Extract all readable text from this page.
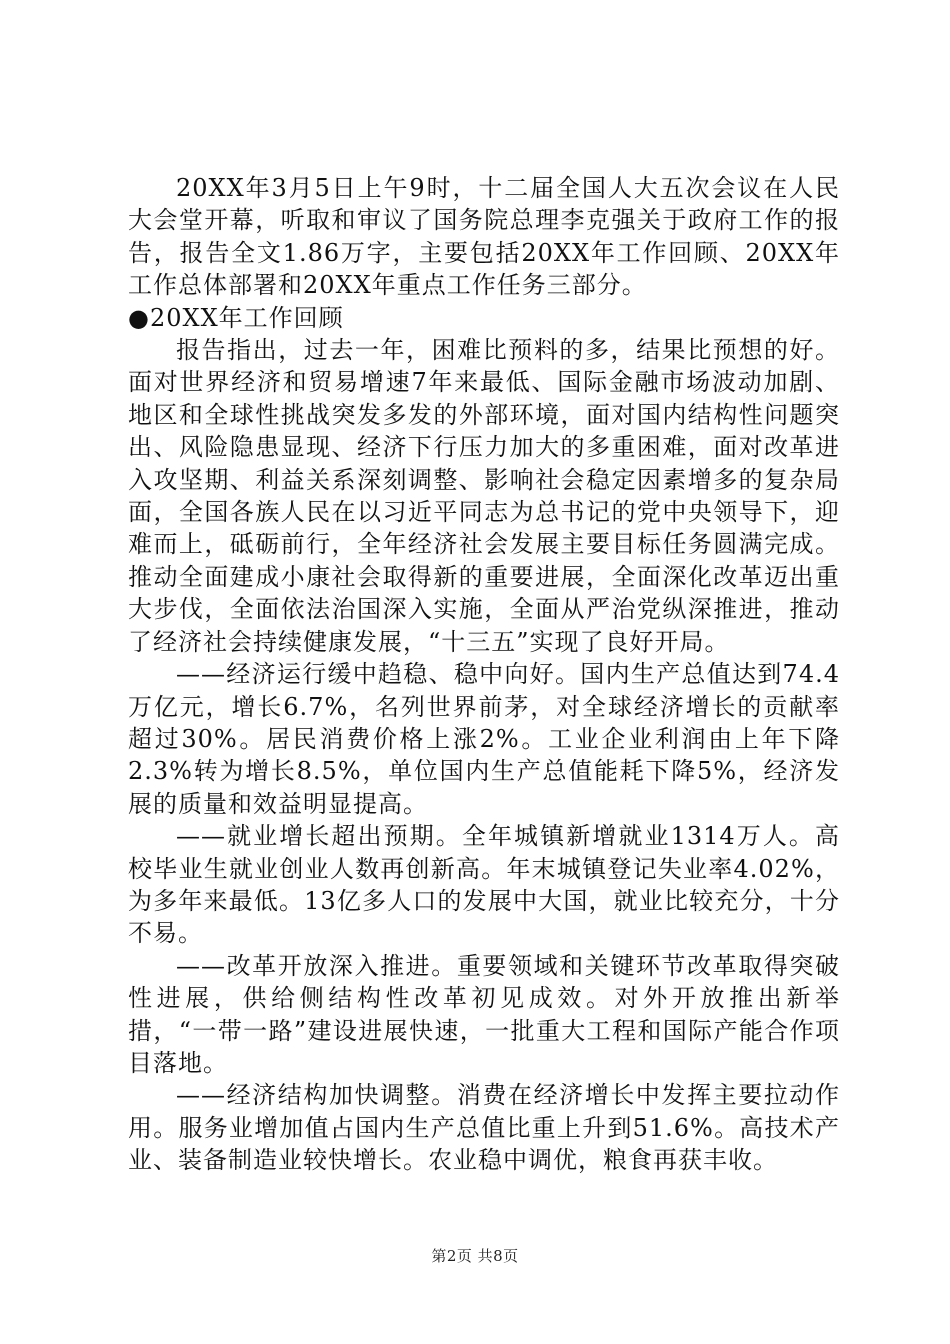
20XX年3月5日上午9时，十二届全国人大五次会议在人民大会堂开幕，听取和审议了国务院总理李克强关于政府工作的报告，报告全文1.86万字，主要包括20XX年工作回顾、20XX年工作总体部署和20XX年重点工作任务三部分。

●20XX年工作回顾

报告指出，过去一年，困难比预料的多，结果比预想的好。面对世界经济和贸易增速7年来最低、国际金融市场波动加剧、地区和全球性挑战突发多发的外部环境，面对国内结构性问题突出、风险隐患显现、经济下行压力加大的多重困难，面对改革进入攻坚期、利益关系深刻调整、影响社会稳定因素增多的复杂局面，全国各族人民在以习近平同志为总书记的党中央领导下，迎难而上，砥砺前行，全年经济社会发展主要目标任务圆满完成。推动全面建成小康社会取得新的重要进展，全面深化改革迈出重大步伐，全面依法治国深入实施，全面从严治党纵深推进，推动了经济社会持续健康发展，“十三五”实现了良好开局。

——经济运行缓中趋稳、稳中向好。国内生产总值达到74.4万亿元，增长6.7%，名列世界前茅，对全球经济增长的贡献率超过30%。居民消费价格上涨2%。工业企业利润由上年下降2.3%转为增长8.5%，单位国内生产总值能耗下降5%，经济发展的质量和效益明显提高。

——就业增长超出预期。全年城镇新增就业1314万人。高校毕业生就业创业人数再创新高。年末城镇登记失业率4.02%，为多年来最低。13亿多人口的发展中大国，就业比较充分，十分不易。

——改革开放深入推进。重要领域和关键环节改革取得突破性进展，供给侧结构性改革初见成效。对外开放推出新举措，“一带一路”建设进展快速，一批重大工程和国际产能合作项目落地。

——经济结构加快调整。消费在经济增长中发挥主要拉动作用。服务业增加值占国内生产总值比重上升到51.6%。高技术产业、装备制造业较快增长。农业稳中调优，粮食再获丰收。

第2页 共8页
